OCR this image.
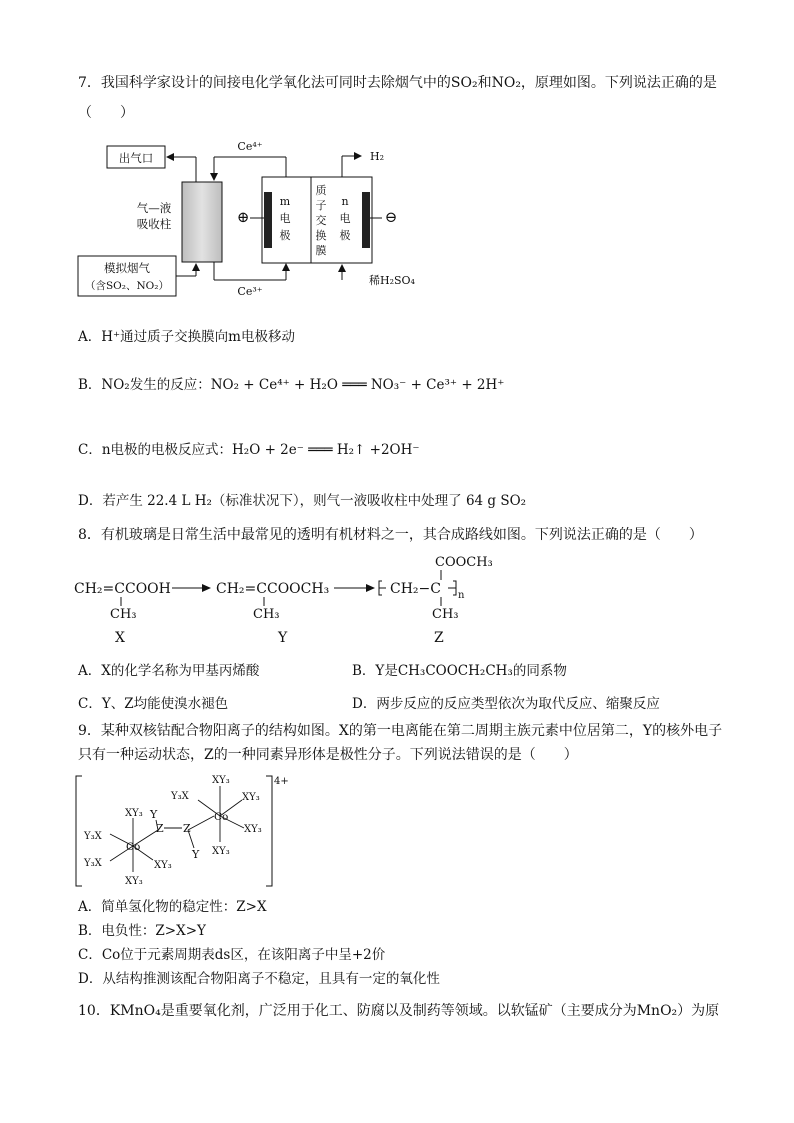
7．我国科学家设计的间接电化学氧化法可同时去除烟气中的SO₂和NO₂，原理如图。下列说法正确的是
（　　）
出气口
气—液
吸收柱
模拟烟气
（含SO₂、NO₂）
Ce⁴⁺
Ce³⁺
m
电
极
质
子
交
换
膜
n
电
极
⊕	⊖
H₂
稀H₂SO₄
A．H⁺通过质子交换膜向m电极移动
B．NO₂发生的反应：NO₂ + Ce⁴⁺ + H₂O ═══ NO₃⁻ + Ce³⁺ + 2H⁺
C．n电极的电极反应式：H₂O + 2e⁻ ═══ H₂↑ +2OH⁻
D．若产生 22.4 L H₂（标准状况下），则气一液吸收柱中处理了 64 g SO₂
8．有机玻璃是日常生活中最常见的透明有机材料之一，其合成路线如图。下列说法正确的是（　　）
CH₂=CCOOH
CH₃
X
CH₂=CCOOCH₃
CH₃
Y
COOCH₃
CH₂−C n
CH₃
Z
A．X的化学名称为甲基丙烯酸	B．Y是CH₃COOCH₂CH₃的同系物
C．Y、Z均能使溴水褪色	D．两步反应的反应类型依次为取代反应、缩聚反应
9．某种双核钴配合物阳离子的结构如图。X的第一电离能在第二周期主族元素中位居第二，Y的核外电子
只有一种运动状态，Z的一种同素异形体是极性分子。下列说法错误的是（　　）
4+
Co
Co
Z Z
Y
Y
XY₃
Y₃X
Y₃X	XY₃
XY₃
XY₃
Y₃X	XY₃
XY₃
XY₃
A．简单氢化物的稳定性：Z>X
B．电负性：Z>X>Y
C．Co位于元素周期表ds区，在该阳离子中呈+2价
D．从结构推测该配合物阳离子不稳定，且具有一定的氧化性
10．KMnO₄是重要氧化剂，广泛用于化工、防腐以及制药等领域。以软锰矿（主要成分为MnO₂）为原
